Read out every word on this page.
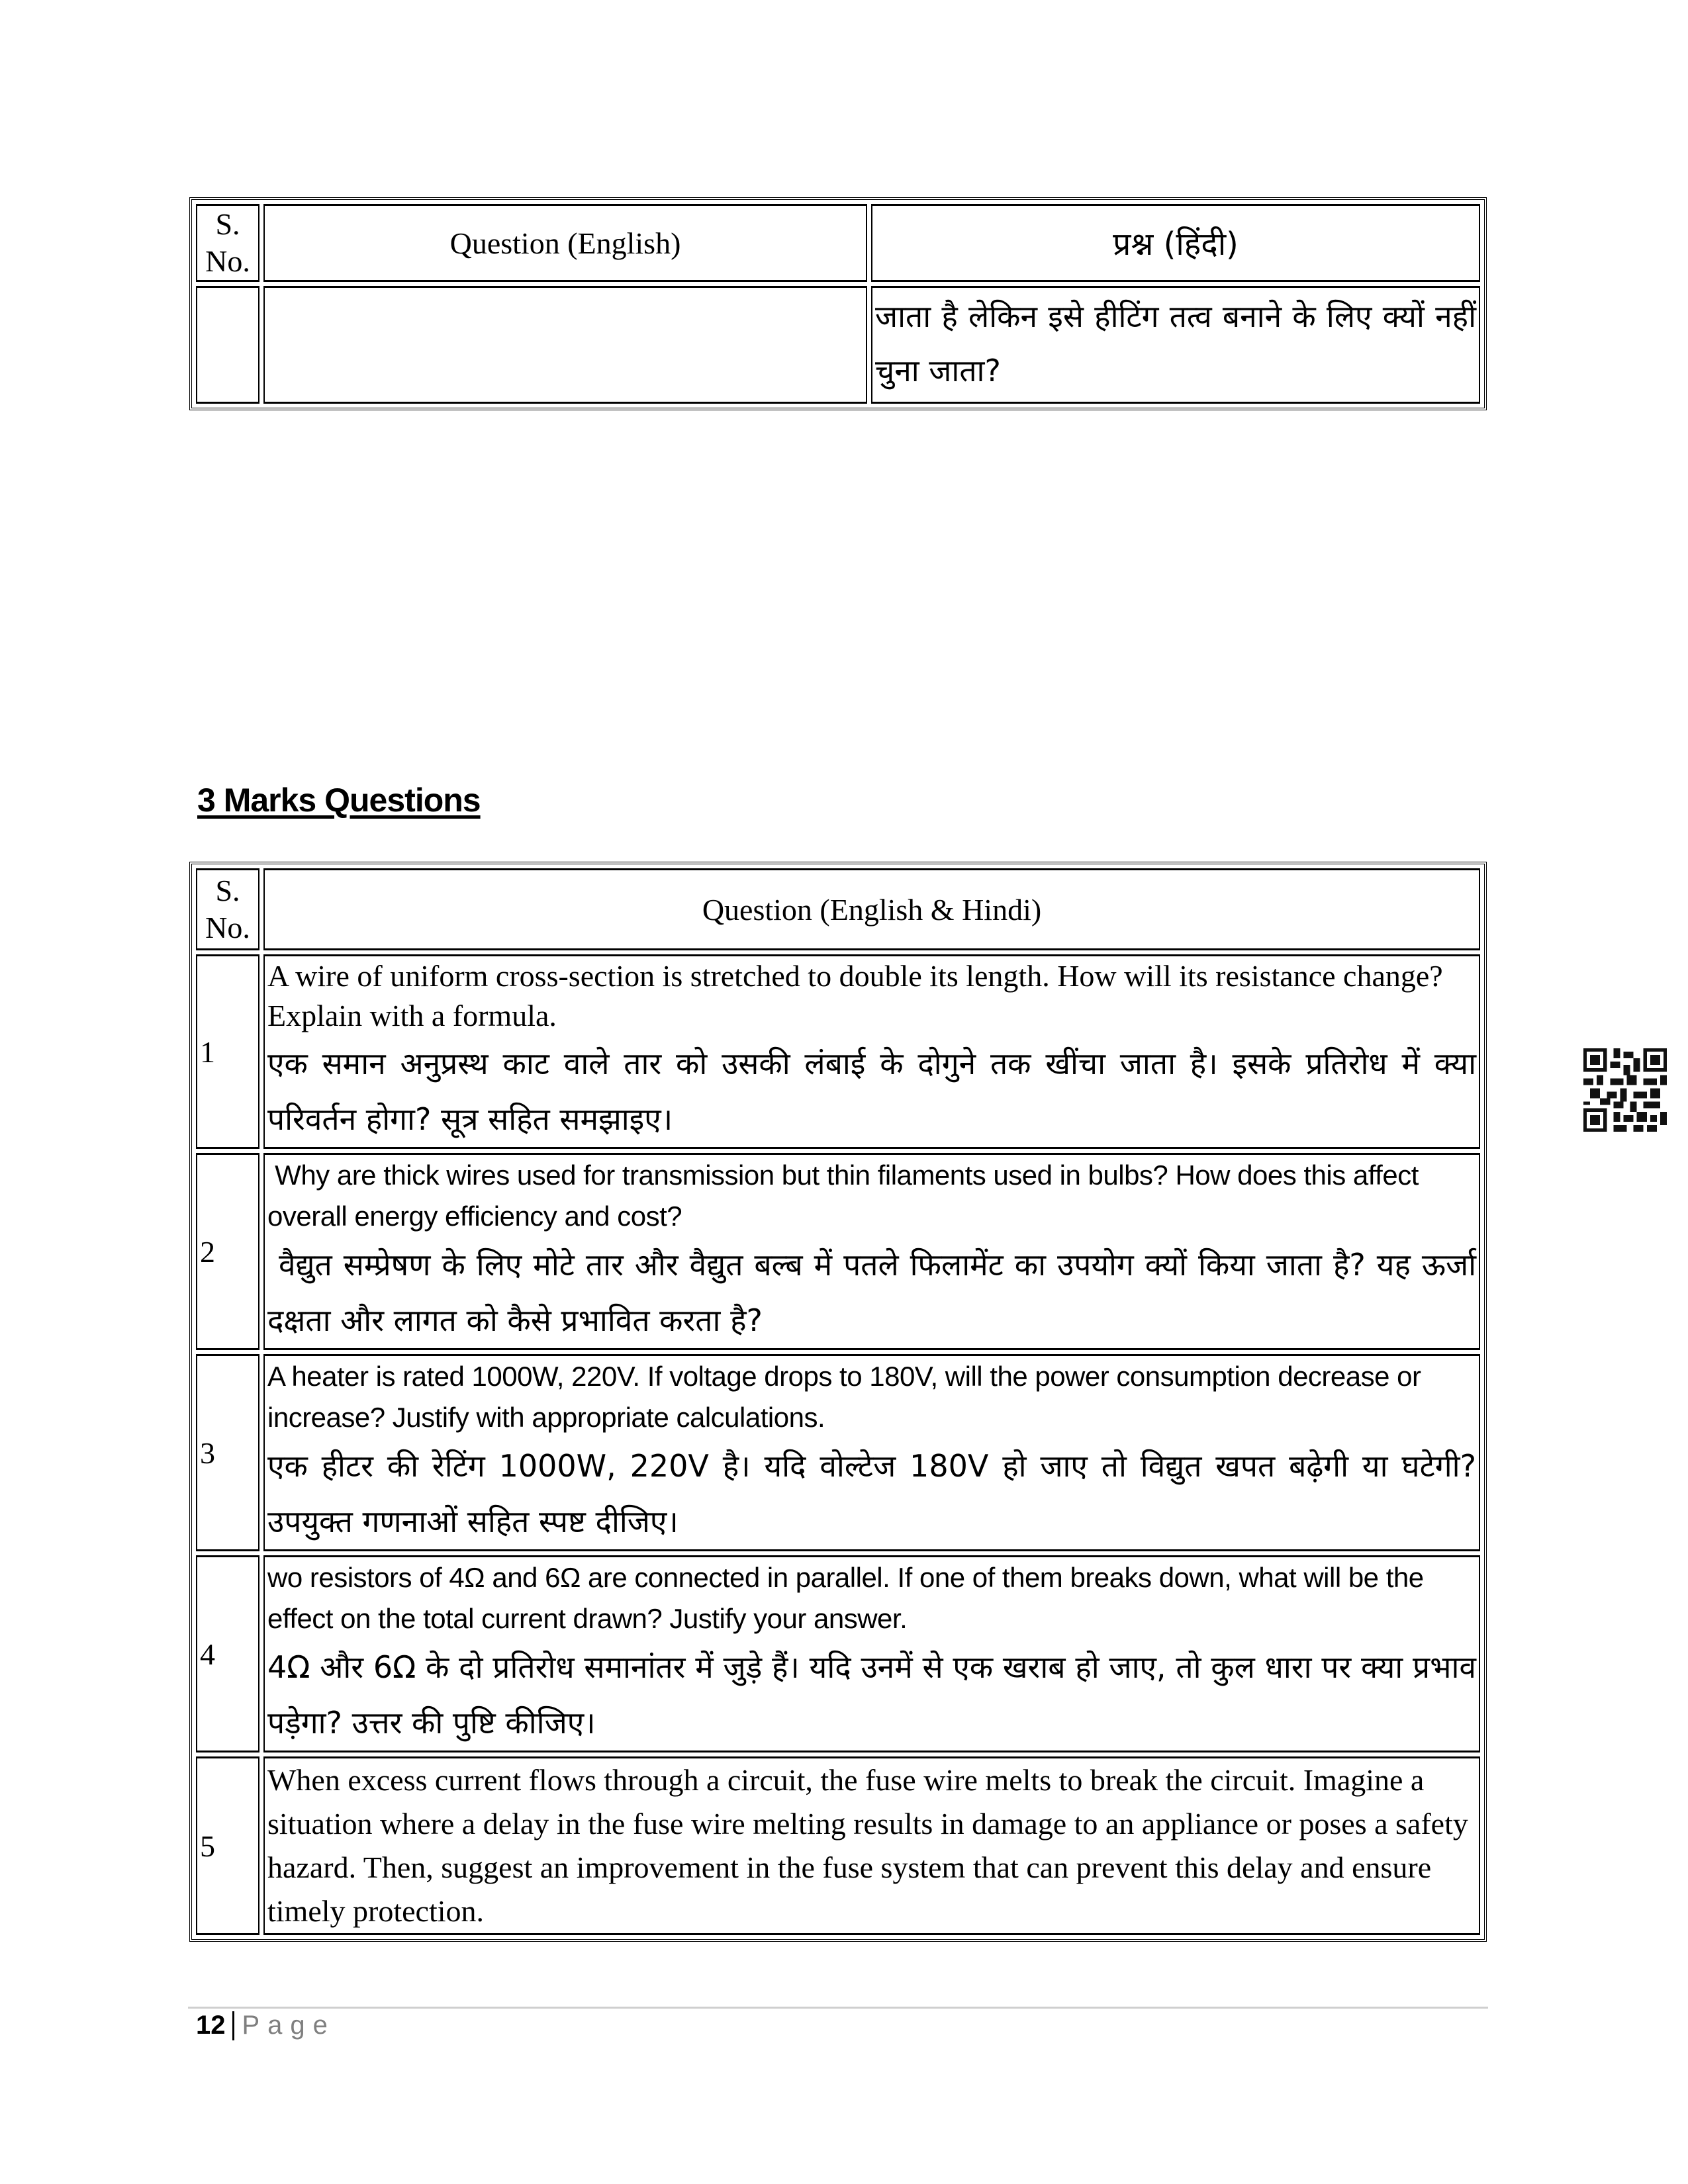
S. No.	Question (English)	प्रश्न (हिंदी)
		जाता है लेकिन इसे हीटिंग तत्व बनाने के लिए क्यों नहीं चुना जाता?
3 Marks Questions
S. No.	Question (English & Hindi)
1	A wire of uniform cross-section is stretched to double its length. How will its resistance change? Explain with a formula.
एक समान अनुप्रस्थ काट वाले तार को उसकी लंबाई के दोगुने तक खींचा जाता है। इसके प्रतिरोध में क्या परिवर्तन होगा? सूत्र सहित समझाइए।

2	Why are thick wires used for transmission but thin filaments used in bulbs? How does this affect overall energy efficiency and cost?
वैद्युत सम्प्रेषण के लिए मोटे तार और वैद्युत बल्ब में पतले फिलामेंट का उपयोग क्यों किया जाता है? यह ऊर्जा दक्षता और लागत को कैसे प्रभावित करता है?

3	A heater is rated 1000W, 220V. If voltage drops to 180V, will the power consumption decrease or increase? Justify with appropriate calculations.
एक हीटर की रेटिंग 1000W, 220V है। यदि वोल्टेज 180V हो जाए तो विद्युत खपत बढ़ेगी या घटेगी? उपयुक्त गणनाओं सहित स्पष्ट दीजिए।

4	wo resistors of 4Ω and 6Ω are connected in parallel. If one of them breaks down, what will be the effect on the total current drawn? Justify your answer.
4Ω और 6Ω के दो प्रतिरोध समानांतर में जुड़े हैं। यदि उनमें से एक खराब हो जाए, तो कुल धारा पर क्या प्रभाव पड़ेगा? उत्तर की पुष्टि कीजिए।

5	When excess current flows through a circuit, the fuse wire melts to break the circuit. Imagine a situation where a delay in the fuse wire melting results in damage to an appliance or poses a safety hazard. Then, suggest an improvement in the fuse system that can prevent this delay and ensure timely protection.
12 Page
